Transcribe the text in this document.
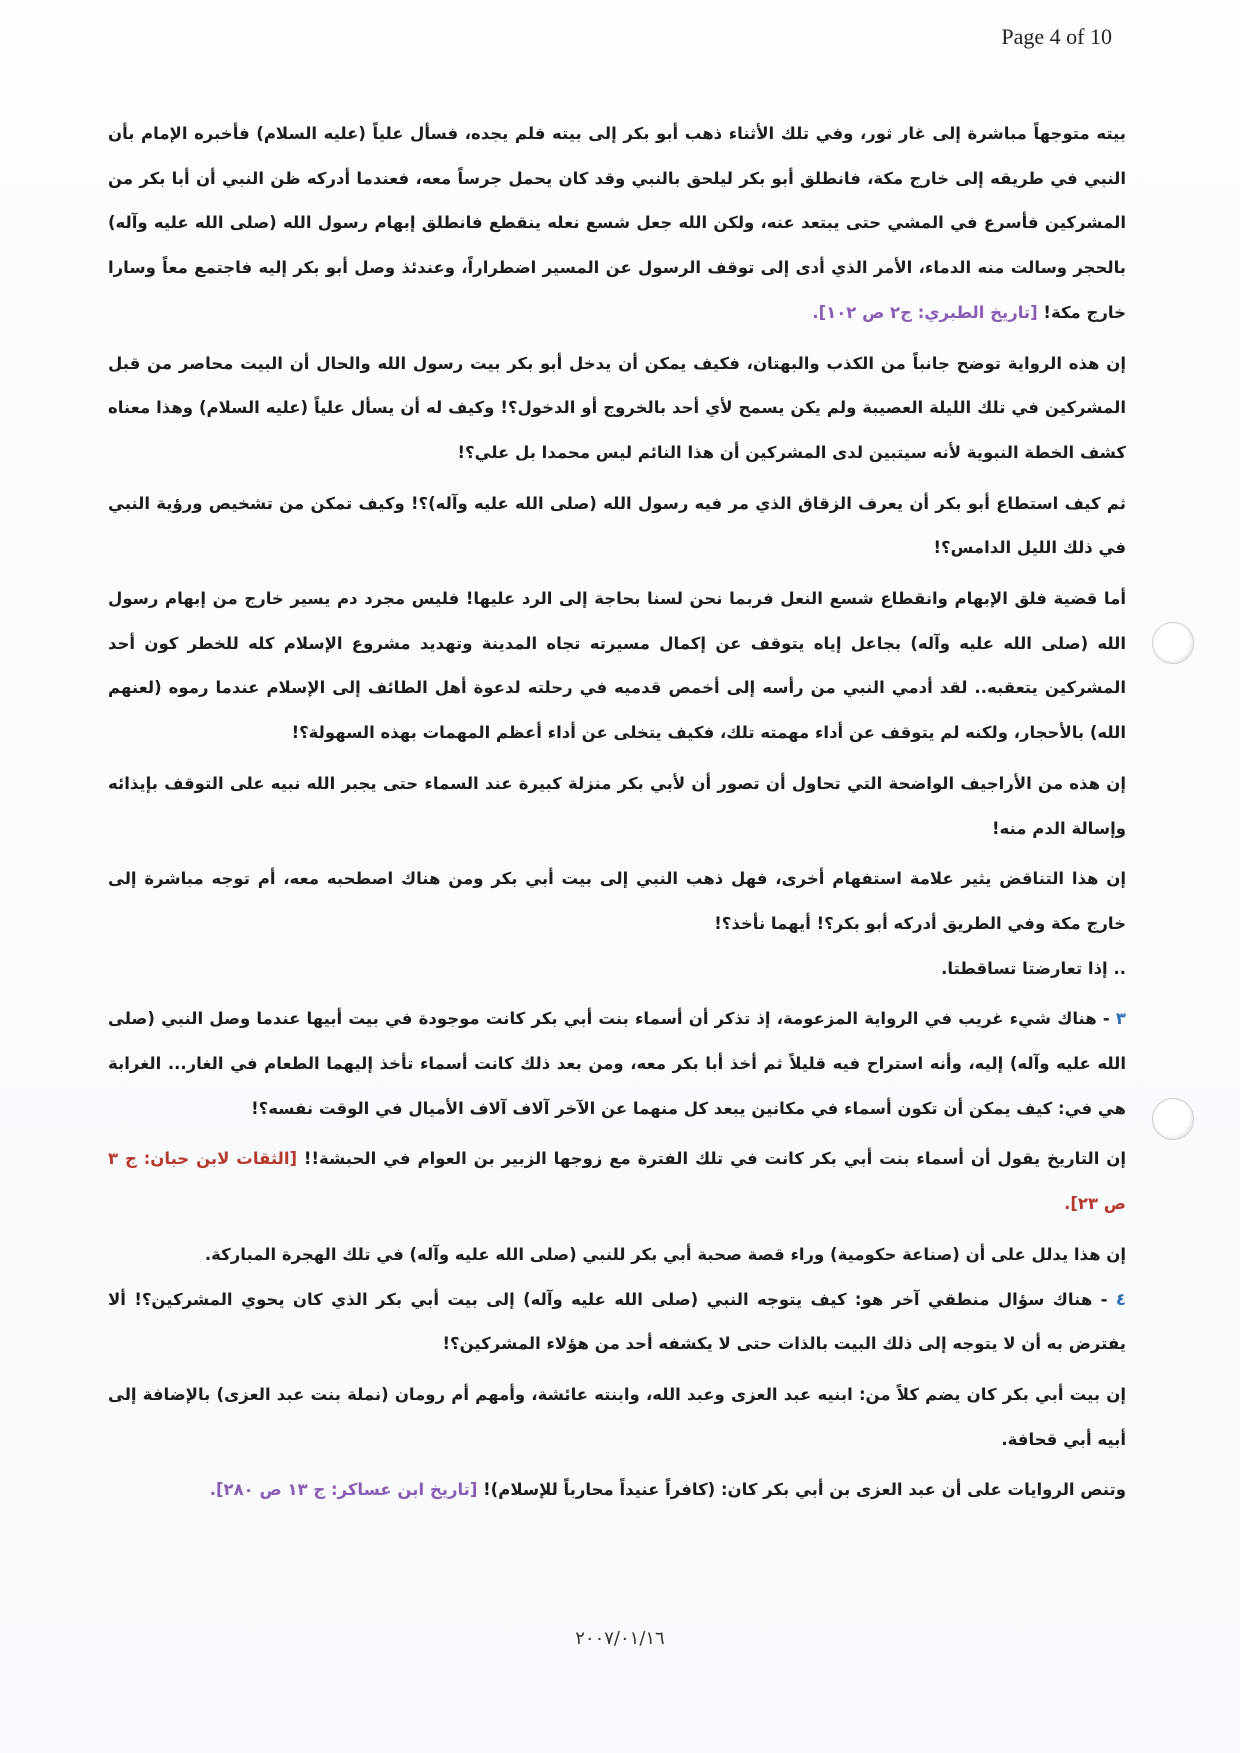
Page 4 of 10

بيته متوجهاً مباشرة إلى غار ثور، وفي تلك الأثناء ذهب أبو بكر إلى بيته فلم يجده، فسأل علياً (عليه السلام) فأخبره الإمام بأن النبي في طريقه إلى خارج مكة، فانطلق أبو بكر ليلحق بالنبي وقد كان يحمل جرساً معه، فعندما أدركه ظن النبي أن أبا بكر من المشركين فأسرع في المشي حتى يبتعد عنه، ولكن الله جعل شسع نعله ينقطع فانطلق إبهام رسول الله (صلى الله عليه وآله) بالحجر وسالت منه الدماء، الأمر الذي أدى إلى توقف الرسول عن المسير اضطراراً، وعندئذ وصل أبو بكر إليه فاجتمع معاً وسارا خارج مكة! [تاريخ الطبري: ج٢ ص ١٠٢].

إن هذه الرواية توضح جانباً من الكذب والبهتان، فكيف يمكن أن يدخل أبو بكر بيت رسول الله والحال أن البيت محاصر من قبل المشركين في تلك الليلة العصيبة ولم يكن يسمح لأي أحد بالخروج أو الدخول؟! وكيف له أن يسأل علياً (عليه السلام) وهذا معناه كشف الخطة النبوية لأنه سيتبين لدى المشركين أن هذا النائم ليس محمدا بل علي؟!

ثم كيف استطاع أبو بكر أن يعرف الزقاق الذي مر فيه رسول الله (صلى الله عليه وآله)؟! وكيف تمكن من تشخيص ورؤية النبي في ذلك الليل الدامس؟!

أما قضية فلق الإبهام وانقطاع شسع النعل فربما نحن لسنا بحاجة إلى الرد عليها! فليس مجرد دم يسير خارج من إبهام رسول الله (صلى الله عليه وآله) بجاعل إياه يتوقف عن إكمال مسيرته تجاه المدينة وتهديد مشروع الإسلام كله للخطر كون أحد المشركين يتعقبه.. لقد أدمي النبي من رأسه إلى أخمص قدميه في رحلته لدعوة أهل الطائف إلى الإسلام عندما رموه (لعنهم الله) بالأحجار، ولكنه لم يتوقف عن أداء مهمته تلك، فكيف يتخلى عن أداء أعظم المهمات بهذه السهولة؟!

إن هذه من الأراجيف الواضحة التي تحاول أن تصور أن لأبي بكر منزلة كبيرة عند السماء حتى يجبر الله نبيه على التوقف بإيذائه وإسالة الدم منه!

إن هذا التناقض يثير علامة استفهام أخرى، فهل ذهب النبي إلى بيت أبي بكر ومن هناك اصطحبه معه، أم توجه مباشرة إلى خارج مكة وفي الطريق أدركه أبو بكر؟! أيهما نأخذ؟!

.. إذا تعارضتا تساقطتا.

٣ - هناك شيء غريب في الرواية المزعومة، إذ تذكر أن أسماء بنت أبي بكر كانت موجودة في بيت أبيها عندما وصل النبي (صلى الله عليه وآله) إليه، وأنه استراح فيه قليلاً ثم أخذ أبا بكر معه، ومن بعد ذلك كانت أسماء تأخذ إليهما الطعام في الغار... الغرابة هي في: كيف يمكن أن تكون أسماء في مكانين يبعد كل منهما عن الآخر آلاف آلاف الأميال في الوقت نفسه؟!

إن التاريخ يقول أن أسماء بنت أبي بكر كانت في تلك الفترة مع زوجها الزبير بن العوام في الحبشة!! [الثقات لابن حبان: ج ٣ ص ٢٣].

إن هذا يدلل على أن (صناعة حكومية) وراء قصة صحبة أبي بكر للنبي (صلى الله عليه وآله) في تلك الهجرة المباركة.

٤ - هناك سؤال منطقي آخر هو: كيف يتوجه النبي (صلى الله عليه وآله) إلى بيت أبي بكر الذي كان يحوي المشركين؟! ألا يفترض به أن لا يتوجه إلى ذلك البيت بالذات حتى لا يكشفه أحد من هؤلاء المشركين؟!

إن بيت أبي بكر كان يضم كلاً من: ابنيه عبد العزى وعبد الله، وابنته عائشة، وأمهم أم رومان (نملة بنت عبد العزى) بالإضافة إلى أبيه أبي قحافة.

وتنص الروايات على أن عبد العزى بن أبي بكر كان: (كافراً عنيداً محارباً للإسلام)! [تاريخ ابن عساكر: ج ١٣ ص ٢٨٠].

٢٠٠٧/٠١/١٦
